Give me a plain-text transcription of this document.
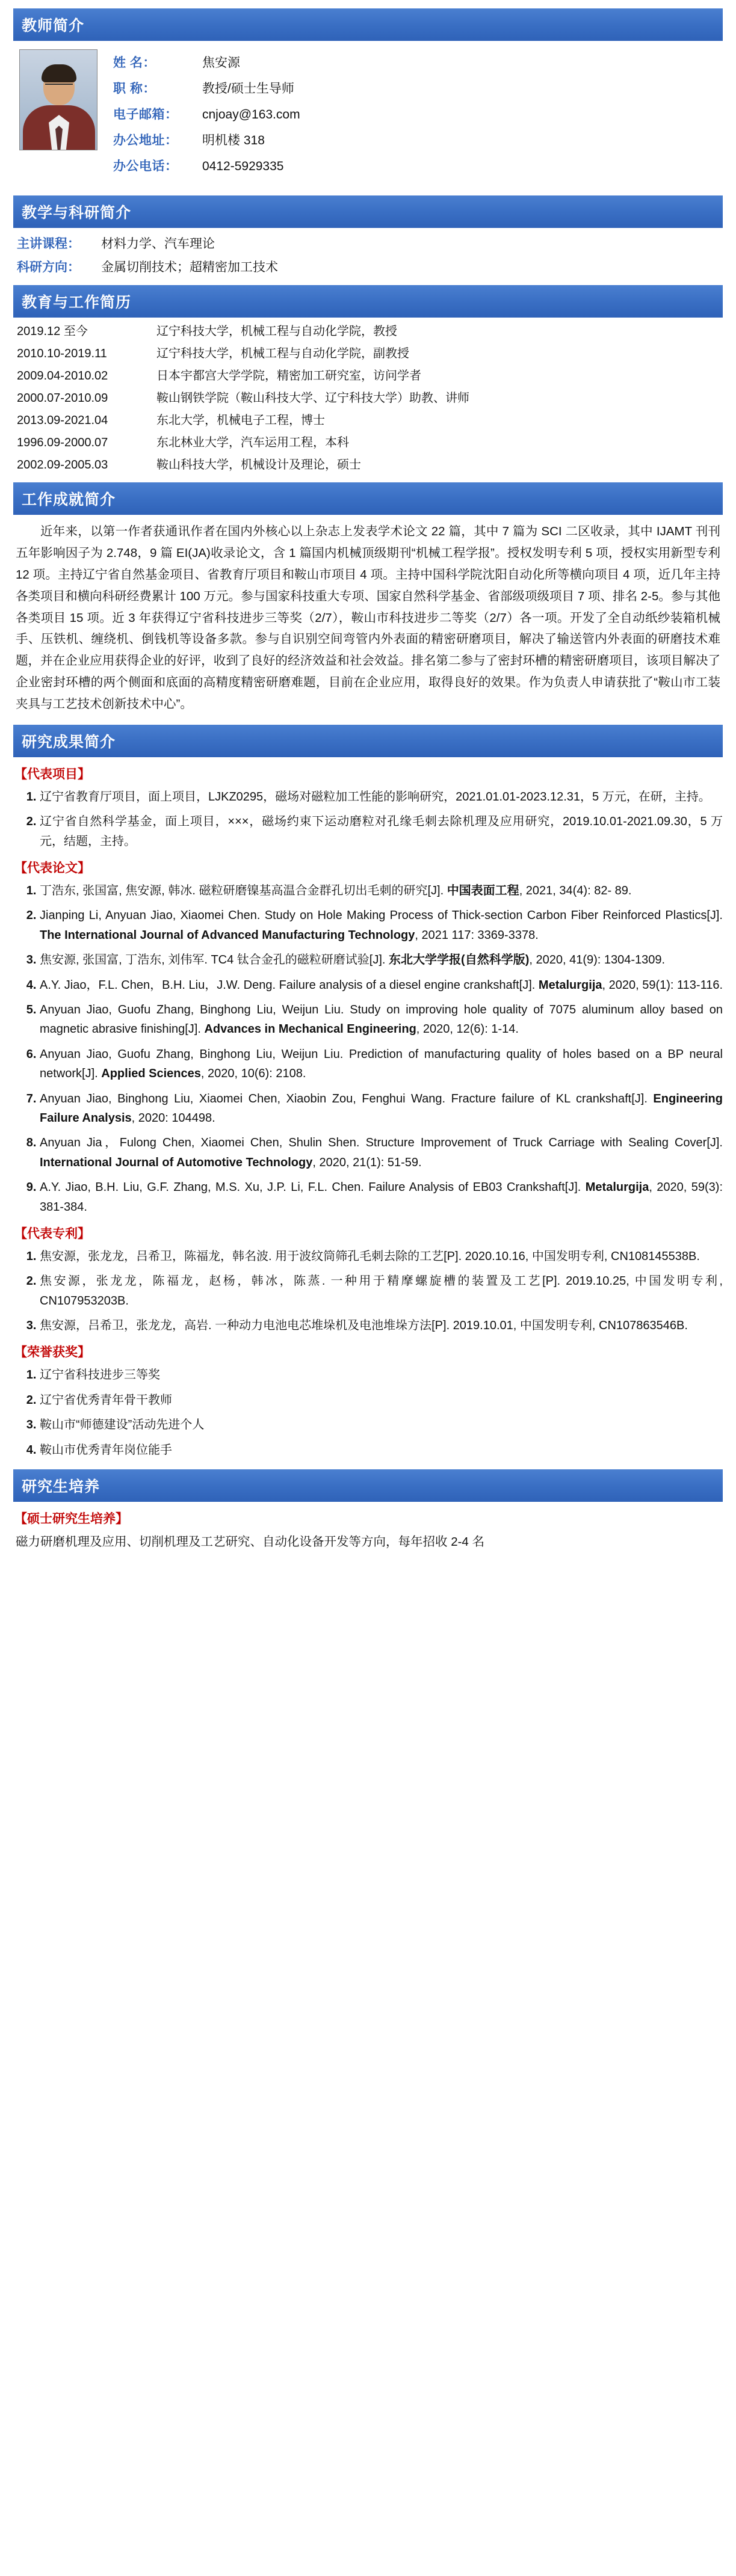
教师简介
姓 名：	焦安源
职 称：	教授/硕士生导师
电子邮箱：	cnjoay@163.com
办公地址：	明机楼 318
办公电话：	0412-5929335
教学与科研简介
主讲课程：	材料力学、汽车理论
科研方向：	金属切削技术；超精密加工技术
教育与工作简历
2019.12 至今	辽宁科技大学，机械工程与自动化学院，教授
2010.10-2019.11	辽宁科技大学，机械工程与自动化学院，副教授
2009.04-2010.02	日本宇都宫大学学院，精密加工研究室，访问学者
2000.07-2010.09	鞍山钢铁学院（鞍山科技大学、辽宁科技大学）助教、讲师
2013.09-2021.04	东北大学，机械电子工程，博士
1996.09-2000.07	东北林业大学，汽车运用工程，本科
2002.09-2005.03	鞍山科技大学，机械设计及理论，硕士
工作成就简介

近年来，以第一作者获通讯作者在国内外核心以上杂志上发表学术论文 22 篇，其中 7 篇为 SCI 二区收录，其中 IJAMT 刊刊五年影响因子为 2.748，9 篇 EI(JA)收录论文，含 1 篇国内机械顶级期刊“机械工程学报”。授权发明专利 5 项，授权实用新型专利 12 项。主持辽宁省自然基金项目、省教育厅项目和鞍山市项目 4 项。主持中国科学院沈阳自动化所等横向项目 4 项，近几年主持各类项目和横向科研经费累计 100 万元。参与国家科技重大专项、国家自然科学基金、省部级项级项目 7 项、排名 2-5。参与其他各类项目 15 项。近 3 年获得辽宁省科技进步三等奖（2/7），鞍山市科技进步二等奖（2/7）各一项。开发了全自动纸纱装箱机械手、压铁机、缠绕机、倒钱机等设备多款。参与自识别空间弯管内外表面的精密研磨项目，解决了输送管内外表面的研磨技术难题，并在企业应用获得企业的好评，收到了良好的经济效益和社会效益。排名第二参与了密封环槽的精密研磨项目，该项目解决了企业密封环槽的两个侧面和底面的高精度精密研磨难题，目前在企业应用，取得良好的效果。作为负责人申请获批了“鞍山市工装夹具与工艺技术创新技术中心”。

研究成果简介
【代表项目】
1. 辽宁省教育厅项目，面上项目，LJKZ0295，磁场对磁粒加工性能的影响研究，2021.01.01-2023.12.31，5 万元，在研，主持。
2. 辽宁省自然科学基金，面上项目，×××，磁场约束下运动磨粒对孔缘毛刺去除机理及应用研究，2019.10.01-2021.09.30，5 万元，结题，主持。
【代表论文】
1. 丁浩东, 张国富, 焦安源, 韩冰. 磁粒研磨镍基高温合金群孔切出毛刺的研究[J]. 中国表面工程, 2021, 34(4): 82- 89.
2. Jianping Li, Anyuan Jiao, Xiaomei Chen. Study on Hole Making Process of Thick-section Carbon Fiber Reinforced Plastics[J]. The International Journal of Advanced Manufacturing Technology, 2021 117: 3369-3378.
3. 焦安源, 张国富, 丁浩东, 刘伟军. TC4 钛合金孔的磁粒研磨试验[J]. 东北大学学报(自然科学版), 2020, 41(9): 1304-1309.
4. A.Y. Jiao，F.L. Chen，B.H. Liu，J.W. Deng. Failure analysis of a diesel engine crankshaft[J]. Metalurgija, 2020, 59(1): 113-116.
5. Anyuan Jiao, Guofu Zhang, Binghong Liu, Weijun Liu. Study on improving hole quality of 7075 aluminum alloy based on magnetic abrasive finishing[J]. Advances in Mechanical Engineering, 2020, 12(6): 1-14.
6. Anyuan Jiao, Guofu Zhang, Binghong Liu, Weijun Liu. Prediction of manufacturing quality of holes based on a BP neural network[J]. Applied Sciences, 2020, 10(6): 2108.
7. Anyuan Jiao, Binghong Liu, Xiaomei Chen, Xiaobin Zou, Fenghui Wang. Fracture failure of KL crankshaft[J]. Engineering Failure Analysis, 2020: 104498.
8. Anyuan Jia，Fulong Chen, Xiaomei Chen, Shulin Shen. Structure Improvement of Truck Carriage with Sealing Cover[J]. International Journal of Automotive Technology, 2020, 21(1): 51-59.
9. A.Y. Jiao, B.H. Liu, G.F. Zhang, M.S. Xu, J.P. Li, F.L. Chen. Failure Analysis of EB03 Crankshaft[J]. Metalurgija, 2020, 59(3): 381-384.
【代表专利】
1. 焦安源，张龙龙，吕希卫，陈福龙，韩名波. 用于波纹筒筛孔毛刺去除的工艺[P]. 2020.10.16, 中国发明专利, CN108145538B.
2. 焦安源，张龙龙，陈福龙，赵杨，韩冰，陈蒸. 一种用于精摩螺旋槽的装置及工艺[P]. 2019.10.25, 中国发明专利, CN107953203B.
3. 焦安源，吕希卫，张龙龙，高岩. 一种动力电池电芯堆垛机及电池堆垛方法[P]. 2019.10.01, 中国发明专利, CN107863546B.
【荣誉获奖】
1. 辽宁省科技进步三等奖
2. 辽宁省优秀青年骨干教师
3. 鞍山市“师德建设”活动先进个人
4. 鞍山市优秀青年岗位能手
研究生培养
【硕士研究生培养】
磁力研磨机理及应用、切削机理及工艺研究、自动化设备开发等方向，每年招收 2-4 名
